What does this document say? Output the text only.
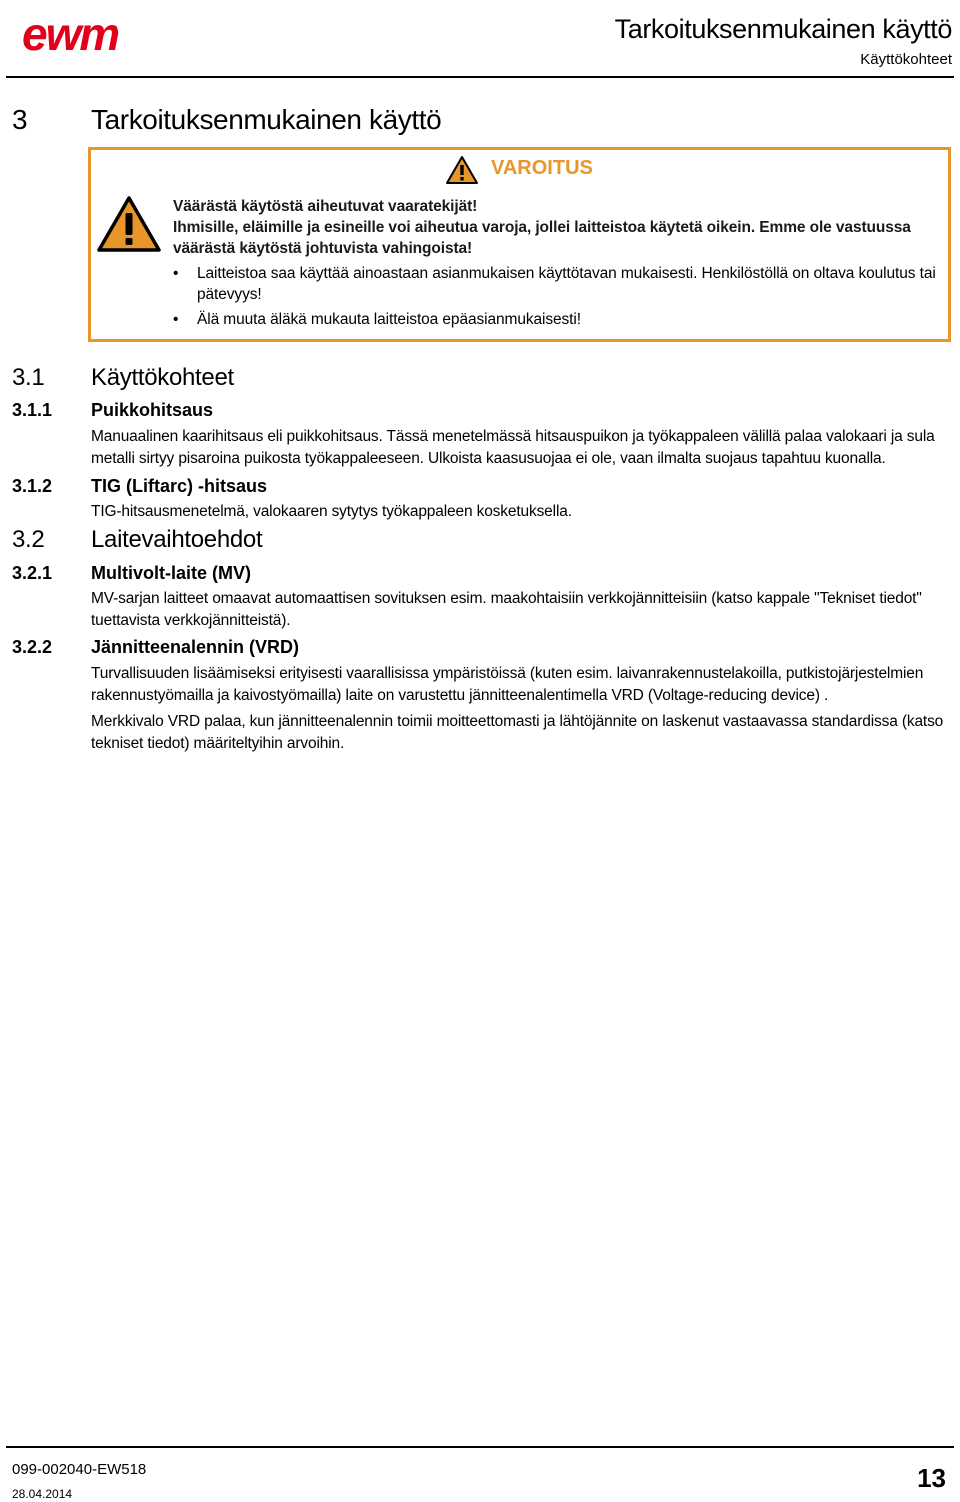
ewm	Tarkoituksenmukainen käyttö
Käyttökohteet
3 Tarkoituksenmukainen käyttö
VAROITUS
Väärästä käytöstä aiheutuvat vaaratekijät!
Ihmisille, eläimille ja esineille voi aiheutua varoja, jollei laitteistoa käytetä oikein. Emme ole vastuussa väärästä käytöstä johtuvista vahingoista!
• Laitteistoa saa käyttää ainoastaan asianmukaisen käyttötavan mukaisesti. Henkilöstöllä on oltava koulutus tai pätevyys!
• Älä muuta äläkä mukauta laitteistoa epäasianmukaisesti!
3.1 Käyttökohteet
3.1.1 Puikkohitsaus
Manuaalinen kaarihitsaus eli puikkohitsaus. Tässä menetelmässä hitsauspuikon ja työkappaleen välillä palaa valokaari ja sula metalli sirtyy pisaroina puikosta työkappaleeseen. Ulkoista kaasusuojaa ei ole, vaan ilmalta suojaus tapahtuu kuonalla.
3.1.2 TIG (Liftarc) -hitsaus
TIG-hitsausmenetelmä, valokaaren sytytys työkappaleen kosketuksella.
3.2 Laitevaihtoehdot
3.2.1 Multivolt-laite (MV)
MV-sarjan laitteet omaavat automaattisen sovituksen esim. maakohtaisiin verkkojännitteisiin (katso kappale "Tekniset tiedot" tuettavista verkkojännitteistä).
3.2.2 Jännitteenalennin (VRD)
Turvallisuuden lisäämiseksi erityisesti vaarallisissa ympäristöissä (kuten esim. laivanrakennustelakoilla, putkistojärjestelmien rakennustyömailla ja kaivostyömailla) laite on varustettu jännitteenalentimella VRD (Voltage-reducing device) .
Merkkivalo VRD palaa, kun jännitteenalennin toimii moitteettomasti ja lähtöjännite on laskenut vastaavassa standardissa (katso tekniset tiedot) määriteltyihin arvoihin.
099-002040-EW518
28.04.2014
13
